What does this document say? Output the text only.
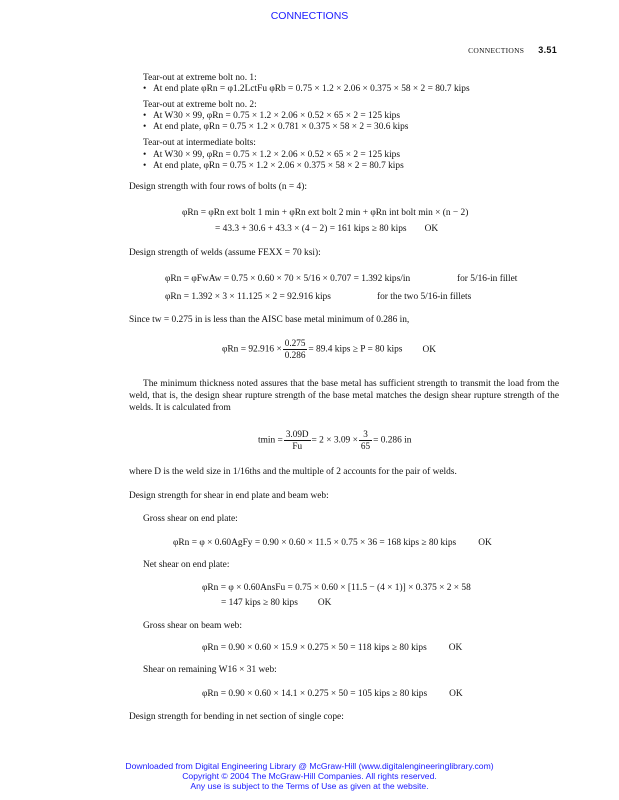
CONNECTIONS
CONNECTIONS 3.51
Tear-out at extreme bolt no. 1:
• At end plate φRn = φ1.2LctFu φRb = 0.75 × 1.2 × 2.06 × 0.375 × 58 × 2 = 80.7 kips
Tear-out at extreme bolt no. 2:
• At W30 × 99, φRn = 0.75 × 1.2 × 2.06 × 0.52 × 65 × 2 = 125 kips
• At end plate, φRn = 0.75 × 1.2 × 0.781 × 0.375 × 58 × 2 = 30.6 kips
Tear-out at intermediate bolts:
• At W30 × 99, φRn = 0.75 × 1.2 × 2.06 × 0.52 × 65 × 2 = 125 kips
• At end plate, φRn = 0.75 × 1.2 × 2.06 × 0.375 × 58 × 2 = 80.7 kips
Design strength with four rows of bolts (n = 4):
φRn = φRn ext bolt 1 min + φRn ext bolt 2 min + φRn int bolt min × (n − 2)
= 43.3 + 30.6 + 43.3 × (4 − 2) = 161 kips ≥ 80 kips OK
Design strength of welds (assume FEXX = 70 ksi):
φRn = φFwAw = 0.75 × 0.60 × 70 × 5/16 × 0.707 = 1.392 kips/in	for 5/16-in fillet
φRn = 1.392 × 3 × 11.125 × 2 = 92.916 kips	for the two 5/16-in fillets
Since tw = 0.275 in is less than the AISC base metal minimum of 0.286 in,
$\varphi Rn = 92.916 \times \frac{0.275}{0.286} = 89.4$ kips ≥ P = 80 kips OK
The minimum thickness noted assures that the base metal has sufficient strength to transmit the load from the weld, that is, the design shear rupture strength of the base metal matches the design shear rupture strength of the welds. It is calculated from
$tmin = \frac{3.09D}{Fu} = 2 \times 3.09 \times \frac{3}{65} = 0.286$ in
where D is the weld size in 1/16ths and the multiple of 2 accounts for the pair of welds.
Design strength for shear in end plate and beam web:
Gross shear on end plate:
φRn = φ × 0.60AgFy = 0.90 × 0.60 × 11.5 × 0.75 × 36 = 168 kips ≥ 80 kips OK
Net shear on end plate:
φRn = φ × 0.60AnsFu = 0.75 × 0.60 × [11.5 − (4 × 1)] × 0.375 × 2 × 58
= 147 kips ≥ 80 kips OK
Gross shear on beam web:
φRn = 0.90 × 0.60 × 15.9 × 0.275 × 50 = 118 kips ≥ 80 kips OK
Shear on remaining W16 × 31 web:
φRn = 0.90 × 0.60 × 14.1 × 0.275 × 50 = 105 kips ≥ 80 kips OK
Design strength for bending in net section of single cope:
Downloaded from Digital Engineering Library @ McGraw-Hill (www.digitalengineeringlibrary.com)
Copyright © 2004 The McGraw-Hill Companies. All rights reserved.
Any use is subject to the Terms of Use as given at the website.
